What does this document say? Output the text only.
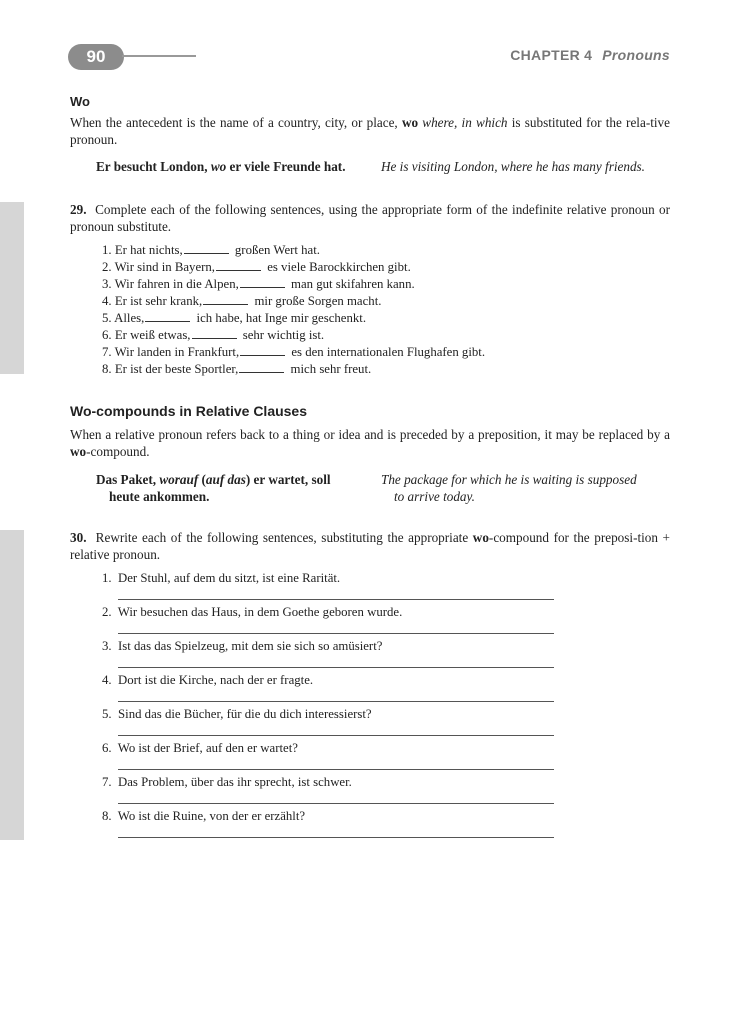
90	CHAPTER 4 Pronouns
Wo
When the antecedent is the name of a country, city, or place, wo where, in which is substituted for the rela-tive pronoun.
Er besucht London, wo er viele Freunde hat.	He is visiting London, where he has many friends.
29. Complete each of the following sentences, using the appropriate form of the indefinite relative pronoun or pronoun substitute.
1. Er hat nichts,	großen Wert hat.
2. Wir sind in Bayern,	es viele Barockkirchen gibt.
3. Wir fahren in die Alpen,	man gut skifahren kann.
4. Er ist sehr krank,	mir große Sorgen macht.
5. Alles,	ich habe, hat Inge mir geschenkt.
6. Er weiß etwas,	sehr wichtig ist.
7. Wir landen in Frankfurt,	es den internationalen Flughafen gibt.
8. Er ist der beste Sportler,	mich sehr freut.
Wo-compounds in Relative Clauses
When a relative pronoun refers back to a thing or idea and is preceded by a preposition, it may be replaced by a wo-compound.
Das Paket, worauf (auf das) er wartet, soll
heute ankommen.
The package for which he is waiting is supposed
to arrive today.
30. Rewrite each of the following sentences, substituting the appropriate wo-compound for the preposi-tion + relative pronoun.
1. Der Stuhl, auf dem du sitzt, ist eine Rarität.
2. Wir besuchen das Haus, in dem Goethe geboren wurde.
3. Ist das das Spielzeug, mit dem sie sich so amüsiert?
4. Dort ist die Kirche, nach der er fragte.
5. Sind das die Bücher, für die du dich interessierst?
6. Wo ist der Brief, auf den er wartet?
7. Das Problem, über das ihr sprecht, ist schwer.
8. Wo ist die Ruine, von der er erzählt?
